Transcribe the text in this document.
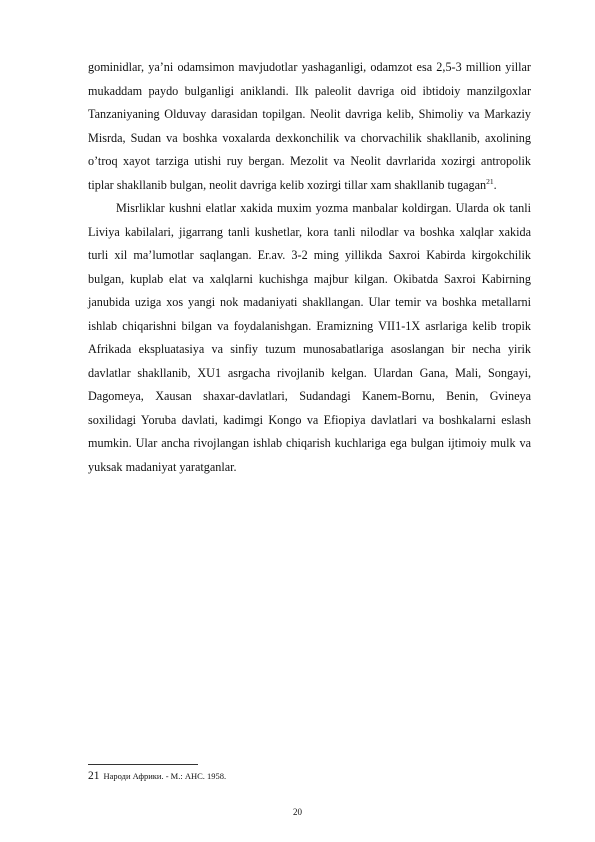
gominidlar, ya’ni odamsimon mavjudotlar yashaganligi, odamzot esa 2,5-3 million yillar mukaddam paydo bulganligi aniklandi. Ilk paleolit davriga oid ibtidoiy manzilgoxlar Tanzaniyaning Olduvay darasidan topilgan. Neolit davriga kelib, Shimoliy va Markaziy Misrda, Sudan va boshka voxalarda dexkonchilik va chorvachilik shakllanib, axolining o’troq xayot tarziga utishi ruy bergan. Mezolit va Neolit davrlarida xozirgi antropolik tiplar shakllanib bulgan, neolit davriga kelib xozirgi tillar xam shakllanib tugagan$^{21}$.

Misrliklar kushni elatlar xakida muxim yozma manbalar koldirgan. Ularda ok tanli Liviya kabilalari, jigarrang tanli kushetlar, kora tanli nilodlar va boshka xalqlar xakida turli xil ma’lumotlar saqlangan. Er.av. 3-2 ming yillikda Saxroi Kabirda kirgokchilik bulgan, kuplab elat va xalqlarni kuchishga majbur kilgan. Okibatda Saxroi Kabirning janubida uziga xos yangi nok madaniyati shakllangan. Ular temir va boshka metallarni ishlab chiqarishni bilgan va foydalanishgan. Eramizning VII1-1X asrlariga kelib tropik Afrikada ekspluatasiya va sinfiy tuzum munosabatlariga asoslangan bir necha yirik davlatlar shakllanib, XU1 asrgacha rivojlanib kelgan. Ulardan Gana, Mali, Songayi, Dagomeya, Xausan shaxar-davlatlari, Sudandagi Kanem-Bornu, Benin, Gvineya soxilidagi Yoruba davlati, kadimgi Kongo va Efiopiya davlatlari va boshkalarni eslash mumkin. Ular ancha rivojlangan ishlab chiqarish kuchlariga ega bulgan ijtimoiy mulk va yuksak madaniyat yaratganlar.

21 Народи Африки. - М.: АНС. 1958.
20
